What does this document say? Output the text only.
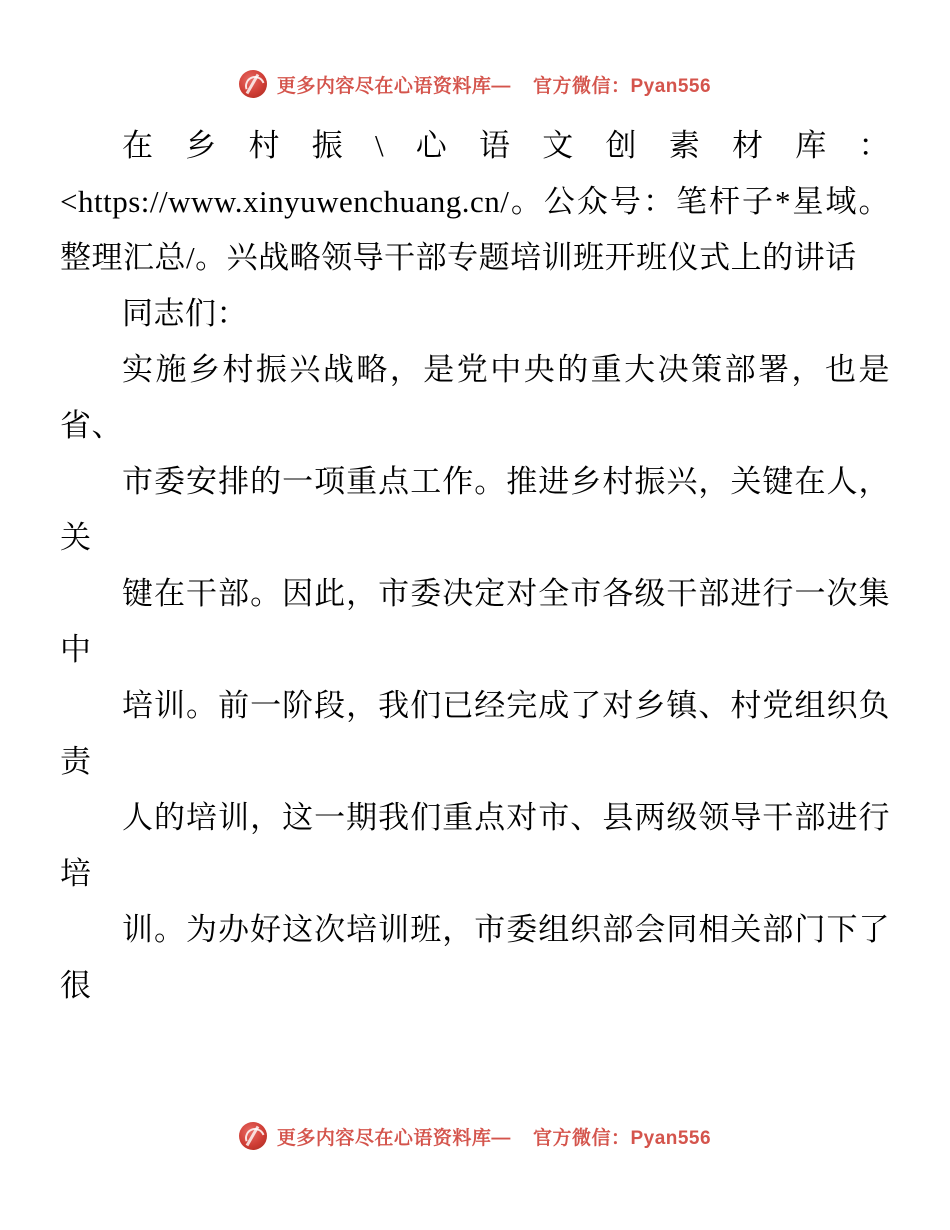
更多内容尽在心语资料库— 官方微信：Pyan556

在乡村振\心语文创素材库：<https://www.xinyuwenchuang.cn/。公众号：笔杆子*星域。整理汇总/。兴战略领导干部专题培训班开班仪式上的讲话

同志们：

实施乡村振兴战略，是党中央的重大决策部署，也是省、

市委安排的一项重点工作。推进乡村振兴，关键在人，关

键在干部。因此，市委决定对全市各级干部进行一次集中

培训。前一阶段，我们已经完成了对乡镇、村党组织负责

人的培训，这一期我们重点对市、县两级领导干部进行培

训。为办好这次培训班，市委组织部会同相关部门下了很

更多内容尽在心语资料库— 官方微信：Pyan556
